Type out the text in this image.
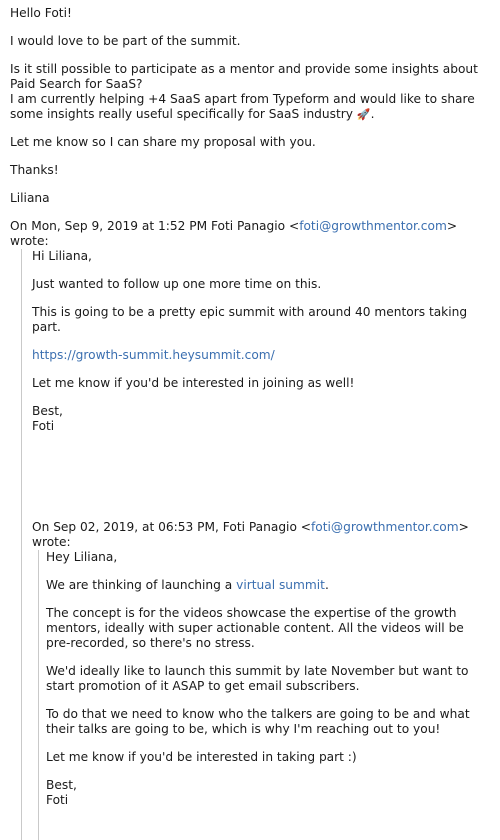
Hello Foti!

I would love to be part of the summit.

Is it still possible to participate as a mentor and provide some insights about Paid Search for SaaS?

I am currently helping +4 SaaS apart from Typeform and would like to share some insights really useful specifically for SaaS industry 🚀.

Let me know so I can share my proposal with you.

Thanks!

Liliana

On Mon, Sep 9, 2019 at 1:52 PM Foti Panagio <foti@growthmentor.com> wrote:

Hi Liliana,

Just wanted to follow up one more time on this.

This is going to be a pretty epic summit with around 40 mentors taking part.

https://growth-summit.heysummit.com/

Let me know if you'd be interested in joining as well!

Best,

Foti

On Sep 02, 2019, at 06:53 PM, Foti Panagio <foti@growthmentor.com> wrote:

Hey Liliana,

We are thinking of launching a virtual summit.

The concept is for the videos showcase the expertise of the growth mentors, ideally with super actionable content. All the videos will be pre-recorded, so there's no stress.

We'd ideally like to launch this summit by late November but want to start promotion of it ASAP to get email subscribers.

To do that we need to know who the talkers are going to be and what their talks are going to be, which is why I'm reaching out to you!

Let me know if you'd be interested in taking part :)

Best,

Foti
